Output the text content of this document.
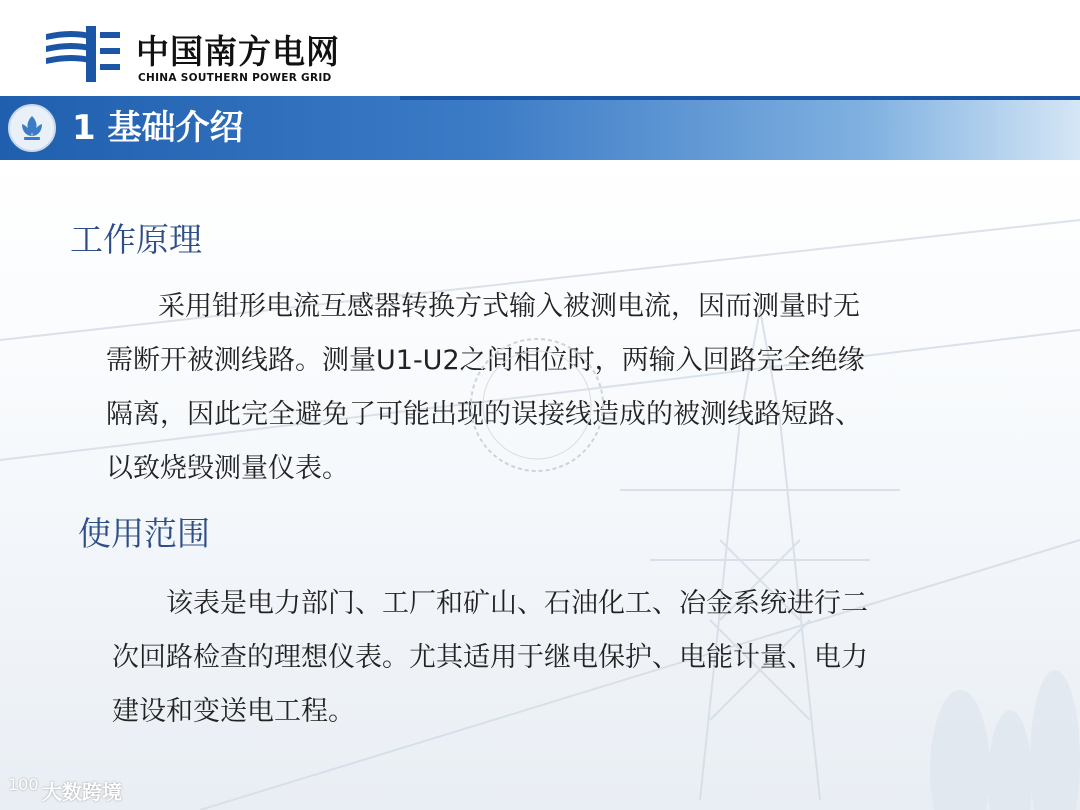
中国南方电网
CHINA SOUTHERN POWER GRID
1 基础介绍
工作原理
采用钳形电流互感器转换方式输入被测电流，因而测量时无
需断开被测线路。测量U1-U2之间相位时，两输入回路完全绝缘
隔离，因此完全避免了可能出现的误接线造成的被测线路短路、
以致烧毁测量仪表。
使用范围
该表是电力部门、工厂和矿山、石油化工、冶金系统进行二
次回路检查的理想仪表。尤其适用于继电保护、电能计量、电力
建设和变送电工程。
100 大数跨境
